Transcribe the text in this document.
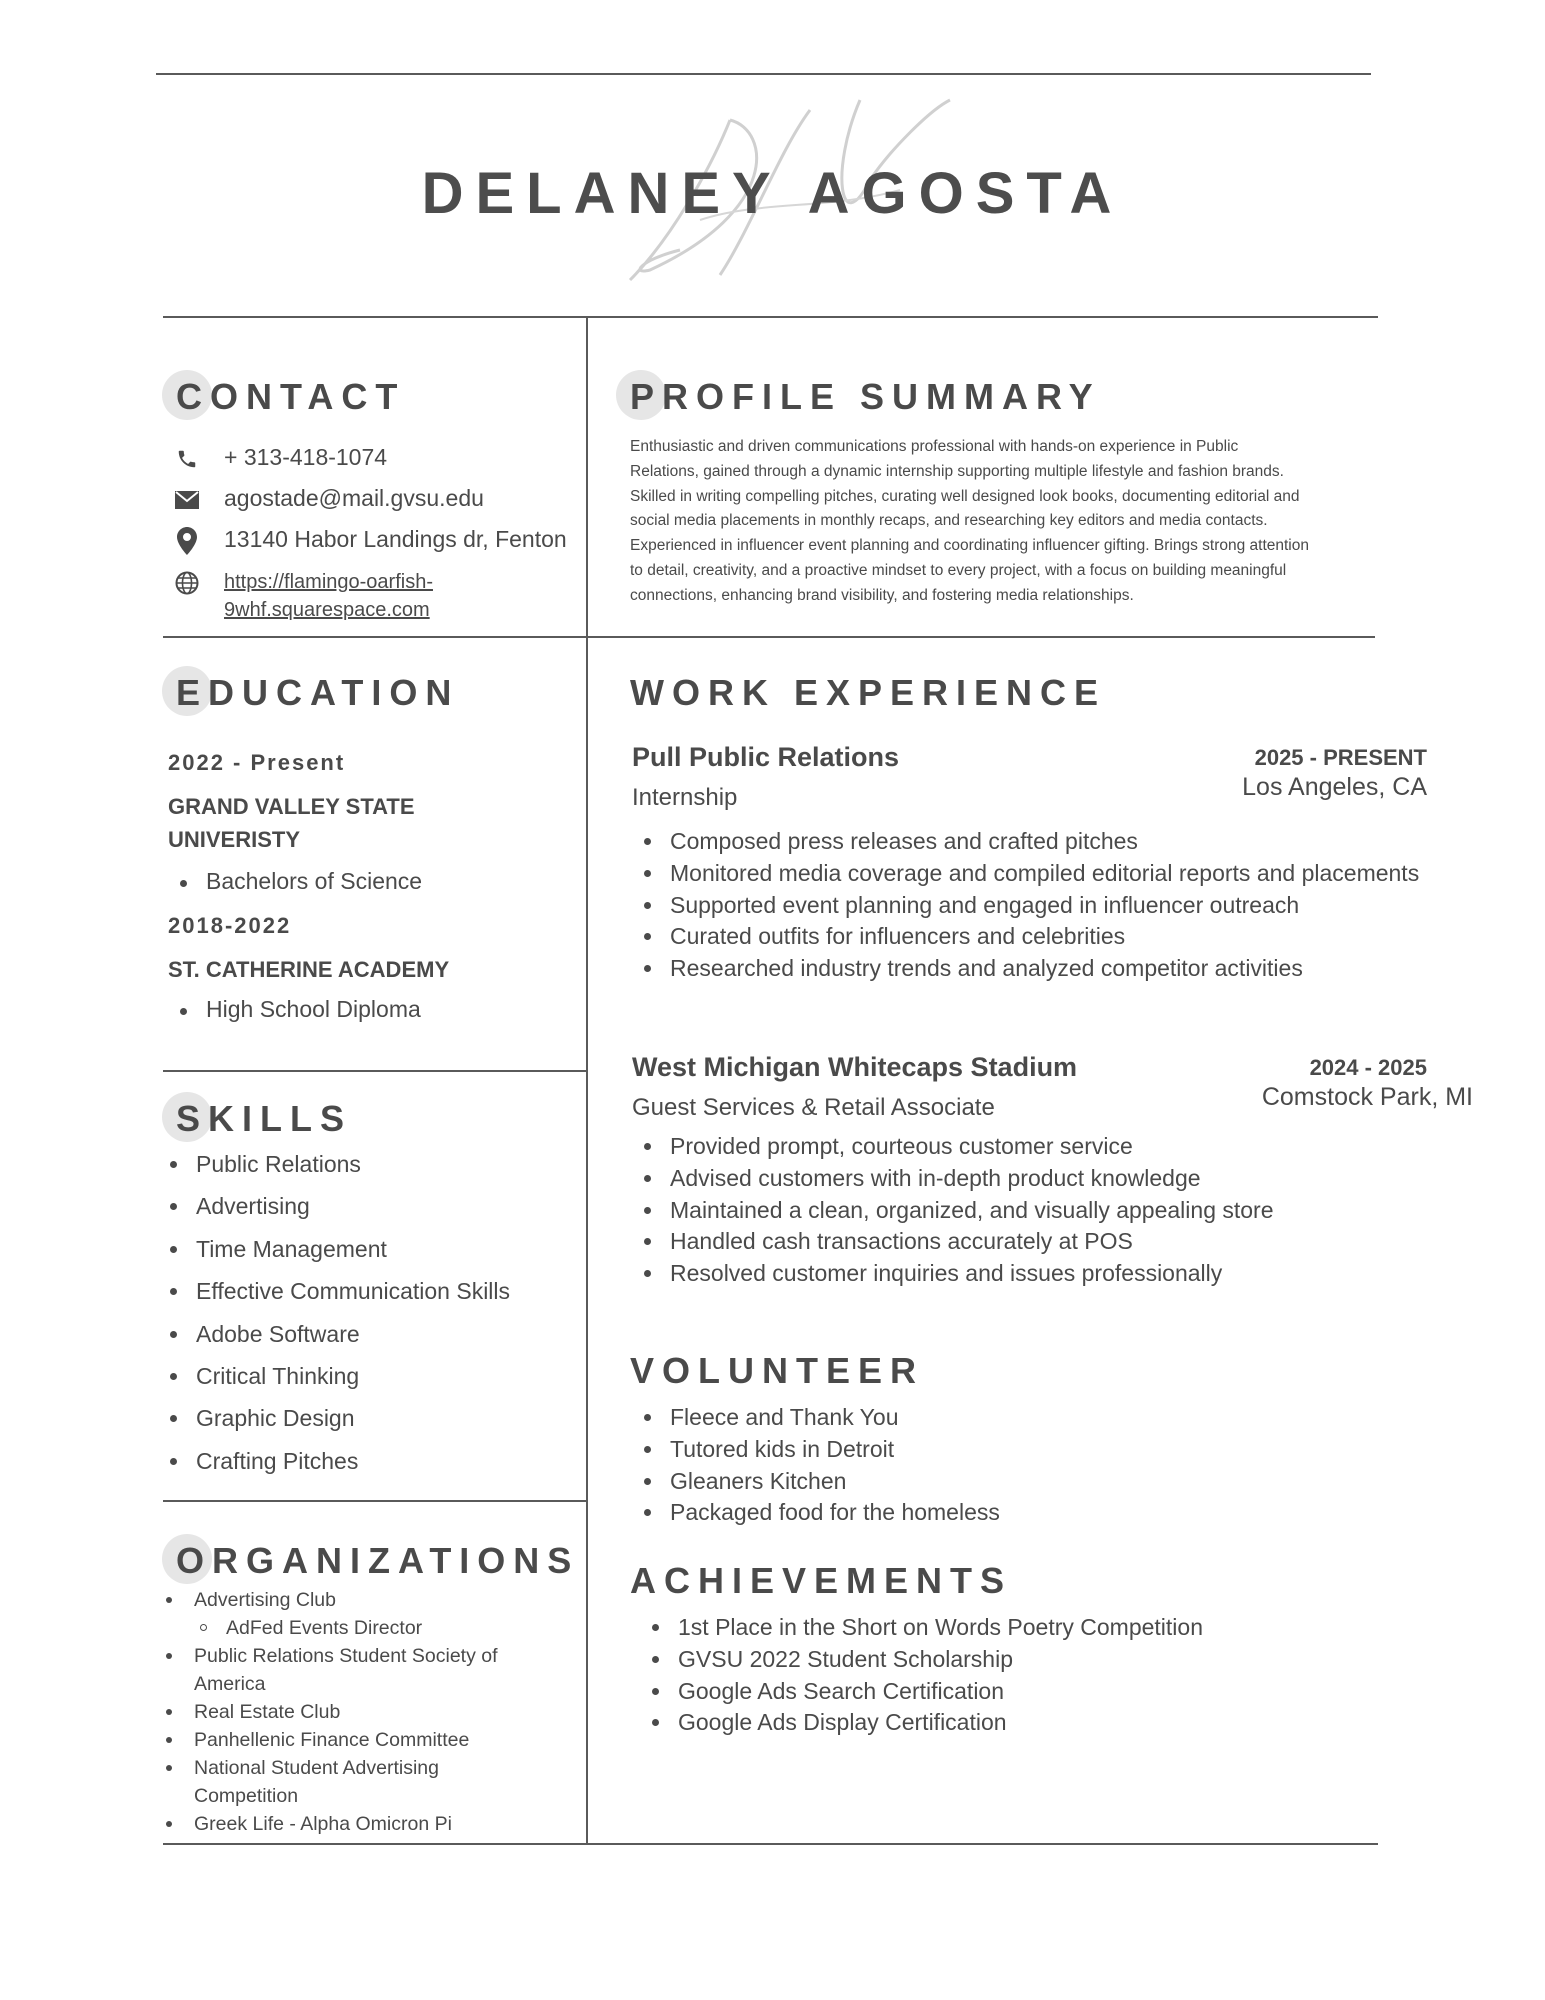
DELANEY AGOSTA
CONTACT
+ 313-418-1074
agostade@mail.gvsu.edu
13140 Habor Landings dr, Fenton
https://flamingo-oarfish-9whf.squarespace.com
PROFILE SUMMARY
Enthusiastic and driven communications professional with hands-on experience in Public Relations, gained through a dynamic internship supporting multiple lifestyle and fashion brands. Skilled in writing compelling pitches, curating well designed look books, documenting editorial and social media placements in monthly recaps, and researching key editors and media contacts. Experienced in influencer event planning and coordinating influencer gifting. Brings strong attention to detail, creativity, and a proactive mindset to every project, with a focus on building meaningful connections, enhancing brand visibility, and fostering media relationships.
EDUCATION
2022 - Present
GRAND VALLEY STATE UNIVERISTY
Bachelors of Science
2018-2022
ST. CATHERINE ACADEMY
High School Diploma
SKILLS
Public Relations
Advertising
Time Management
Effective Communication Skills
Adobe Software
Critical Thinking
Graphic Design
Crafting Pitches
ORGANIZATIONS
Advertising Club
AdFed Events Director
Public Relations Student Society of America
Real Estate Club
Panhellenic Finance Committee
National Student Advertising Competition
Greek Life - Alpha Omicron Pi
WORK EXPERIENCE
Pull Public Relations
Internship
2025 - PRESENT
Los Angeles, CA
Composed press releases and crafted pitches
Monitored media coverage and compiled editorial reports and placements
Supported event planning and engaged in influencer outreach
Curated outfits for influencers and celebrities
Researched industry trends and analyzed competitor activities
West Michigan Whitecaps Stadium
Guest Services & Retail Associate
2024 - 2025
Comstock Park, MI
Provided prompt, courteous customer service
Advised customers with in-depth product knowledge
Maintained a clean, organized, and visually appealing store
Handled cash transactions accurately at POS
Resolved customer inquiries and issues professionally
VOLUNTEER
Fleece and Thank You
Tutored kids in Detroit
Gleaners Kitchen
Packaged food for the homeless
ACHIEVEMENTS
1st Place in the Short on Words Poetry Competition
GVSU 2022 Student Scholarship
Google Ads Search Certification
Google Ads Display Certification
